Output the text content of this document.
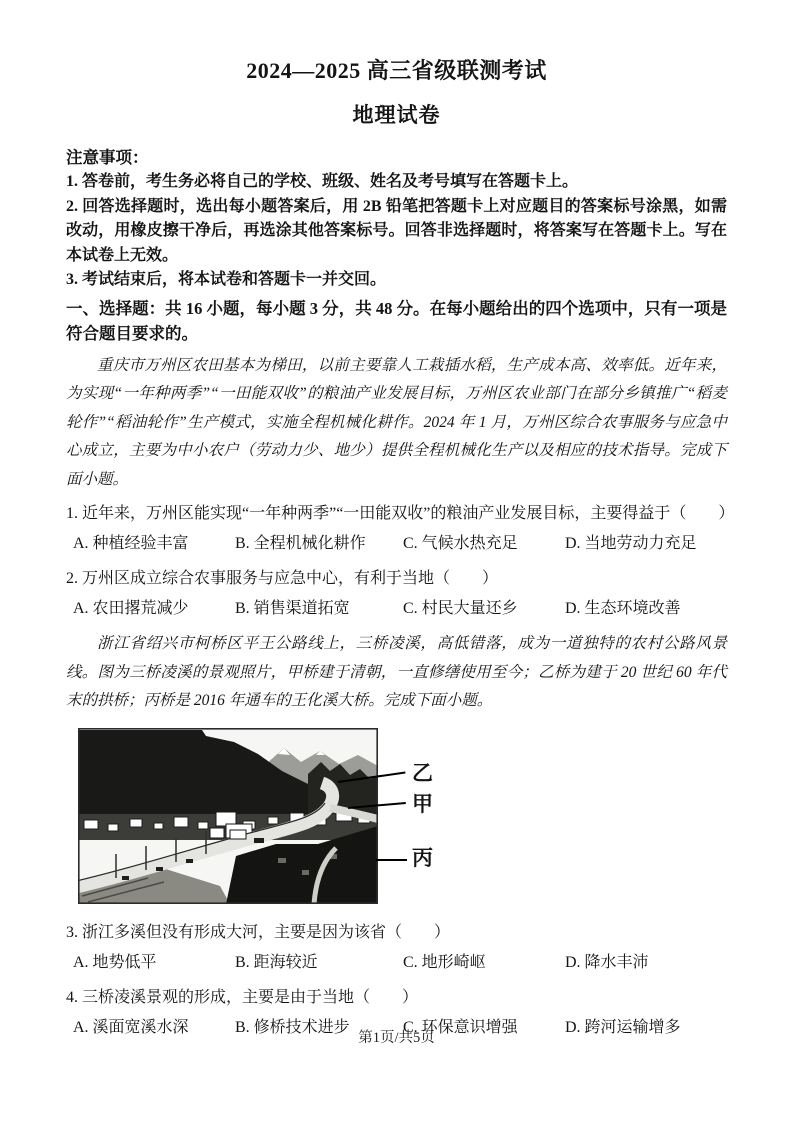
2024—2025 高三省级联测考试
地理试卷
注意事项：
1. 答卷前，考生务必将自己的学校、班级、姓名及考号填写在答题卡上。
2. 回答选择题时，选出每小题答案后，用 2B 铅笔把答题卡上对应题目的答案标号涂黑，如需改动，用橡皮擦干净后，再选涂其他答案标号。回答非选择题时，将答案写在答题卡上。写在本试卷上无效。
3. 考试结束后，将本试卷和答题卡一并交回。
一、选择题：共 16 小题，每小题 3 分，共 48 分。在每小题给出的四个选项中，只有一项是符合题目要求的。
重庆市万州区农田基本为梯田，以前主要靠人工栽插水稻，生产成本高、效率低。近年来，为实现“一年种两季”“一田能双收”的粮油产业发展目标，万州区农业部门在部分乡镇推广“稻麦轮作”“稻油轮作”生产模式，实施全程机械化耕作。2024 年 1 月，万州区综合农事服务与应急中心成立，主要为中小农户（劳动力少、地少）提供全程机械化生产以及相应的技术指导。完成下面小题。
1. 近年来，万州区能实现“一年种两季”“一田能双收”的粮油产业发展目标，主要得益于（　　）
A. 种植经验丰富	B. 全程机械化耕作	C. 气候水热充足	D. 当地劳动力充足
2. 万州区成立综合农事服务与应急中心，有利于当地（　　）
A. 农田撂荒减少	B. 销售渠道拓宽	C. 村民大量还乡	D. 生态环境改善
浙江省绍兴市柯桥区平王公路线上，三桥凌溪，高低错落，成为一道独特的农村公路风景线。图为三桥凌溪的景观照片，甲桥建于清朝，一直修缮使用至今；乙桥为建于 20 世纪 60 年代末的拱桥；丙桥是 2016 年通车的王化溪大桥。完成下面小题。
乙
甲
丙
3. 浙江多溪但没有形成大河，主要是因为该省（　　）
A. 地势低平	B. 距海较近	C. 地形崎岖	D. 降水丰沛
4. 三桥凌溪景观的形成，主要是由于当地（　　）
A. 溪面宽溪水深	B. 修桥技术进步	C. 环保意识增强	D. 跨河运输增多
第1页/共5页
